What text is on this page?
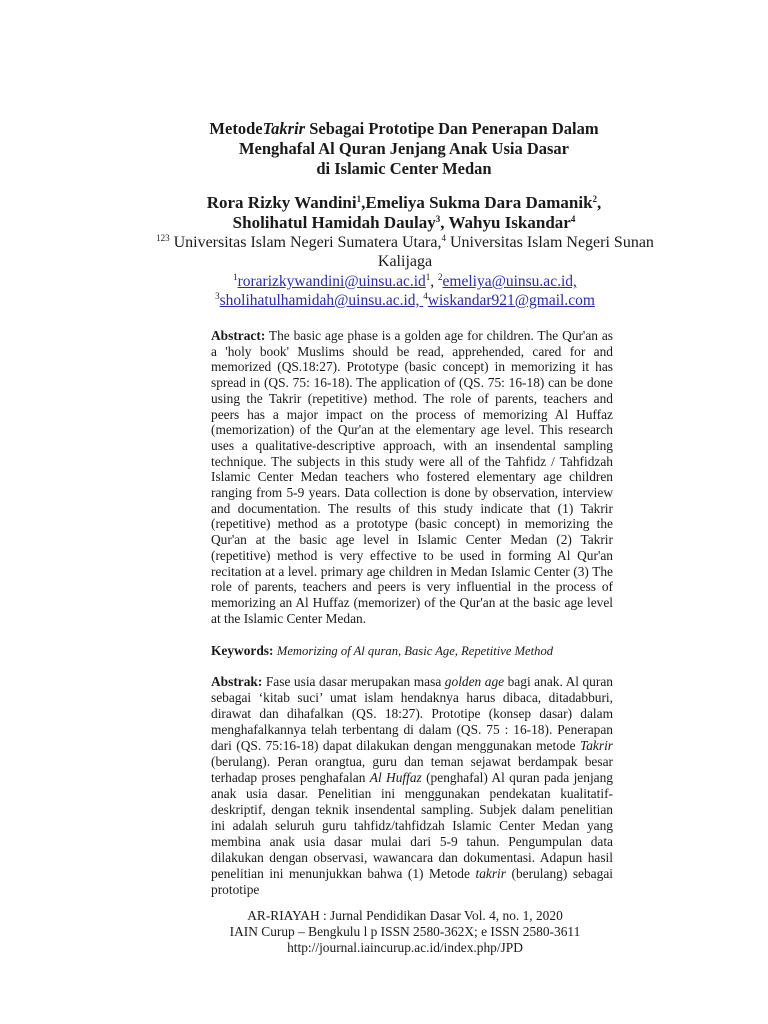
MetodeTakrir Sebagai Prototipe Dan Penerapan Dalam
Menghafal Al Quran Jenjang Anak Usia Dasar
di Islamic Center Medan
Rora Rizky Wandini$^1$,Emeliya Sukma Dara Damanik$^2$,
Sholihatul Hamidah Daulay$^3$, Wahyu Iskandar$^4$
$^{123}$ Universitas Islam Negeri Sumatera Utara,$^4$ Universitas Islam Negeri Sunan Kalijaga
$^1rorarizkywandini@uinsu.ac.id^1$, $^2$emeliya@uinsu.ac.id,
$^3$sholihatulhamidah@uinsu.ac.id, $^4$wiskandar921@gmail.com
Abstract: The basic age phase is a golden age for children. The Qur'an as a 'holy book' Muslims should be read, apprehended, cared for and memorized (QS.18:27). Prototype (basic concept) in memorizing it has spread in (QS. 75: 16-18). The application of (QS. 75: 16-18) can be done using the Takrir (repetitive) method. The role of parents, teachers and peers has a major impact on the process of memorizing Al Huffaz (memorization) of the Qur'an at the elementary age level. This research uses a qualitative-descriptive approach, with an insendental sampling technique. The subjects in this study were all of the Tahfidz / Tahfidzah Islamic Center Medan teachers who fostered elementary age children ranging from 5-9 years. Data collection is done by observation, interview and documentation. The results of this study indicate that (1) Takrir (repetitive) method as a prototype (basic concept) in memorizing the Qur'an at the basic age level in Islamic Center Medan (2) Takrir (repetitive) method is very effective to be used in forming Al Qur'an recitation at a level. primary age children in Medan Islamic Center (3) The role of parents, teachers and peers is very influential in the process of memorizing an Al Huffaz (memorizer) of the Qur'an at the basic age level at the Islamic Center Medan.
Keywords: Memorizing of Al quran, Basic Age, Repetitive Method
Abstrak: Fase usia dasar merupakan masa golden age bagi anak. Al quran sebagai ‘kitab suci’ umat islam hendaknya harus dibaca, ditadabburi, dirawat dan dihafalkan (QS. 18:27). Prototipe (konsep dasar) dalam menghafalkannya telah terbentang di dalam (QS. 75 : 16-18). Penerapan dari (QS. 75:16-18) dapat dilakukan dengan menggunakan metode Takrir (berulang). Peran orangtua, guru dan teman sejawat berdampak besar terhadap proses penghafalan Al Huffaz (penghafal) Al quran pada jenjang anak usia dasar. Penelitian ini menggunakan pendekatan kualitatif- deskriptif, dengan teknik insendental sampling. Subjek dalam penelitian ini adalah seluruh guru tahfidz/tahfidzah Islamic Center Medan yang membina anak usia dasar mulai dari 5-9 tahun. Pengumpulan data dilakukan dengan observasi, wawancara dan dokumentasi. Adapun hasil penelitian ini menunjukkan bahwa (1) Metode takrir (berulang) sebagai prototipe
AR-RIAYAH : Jurnal Pendidikan Dasar Vol. 4, no. 1, 2020
IAIN Curup – Bengkulu l p ISSN 2580-362X; e ISSN 2580-3611
http://journal.iaincurup.ac.id/index.php/JPD
